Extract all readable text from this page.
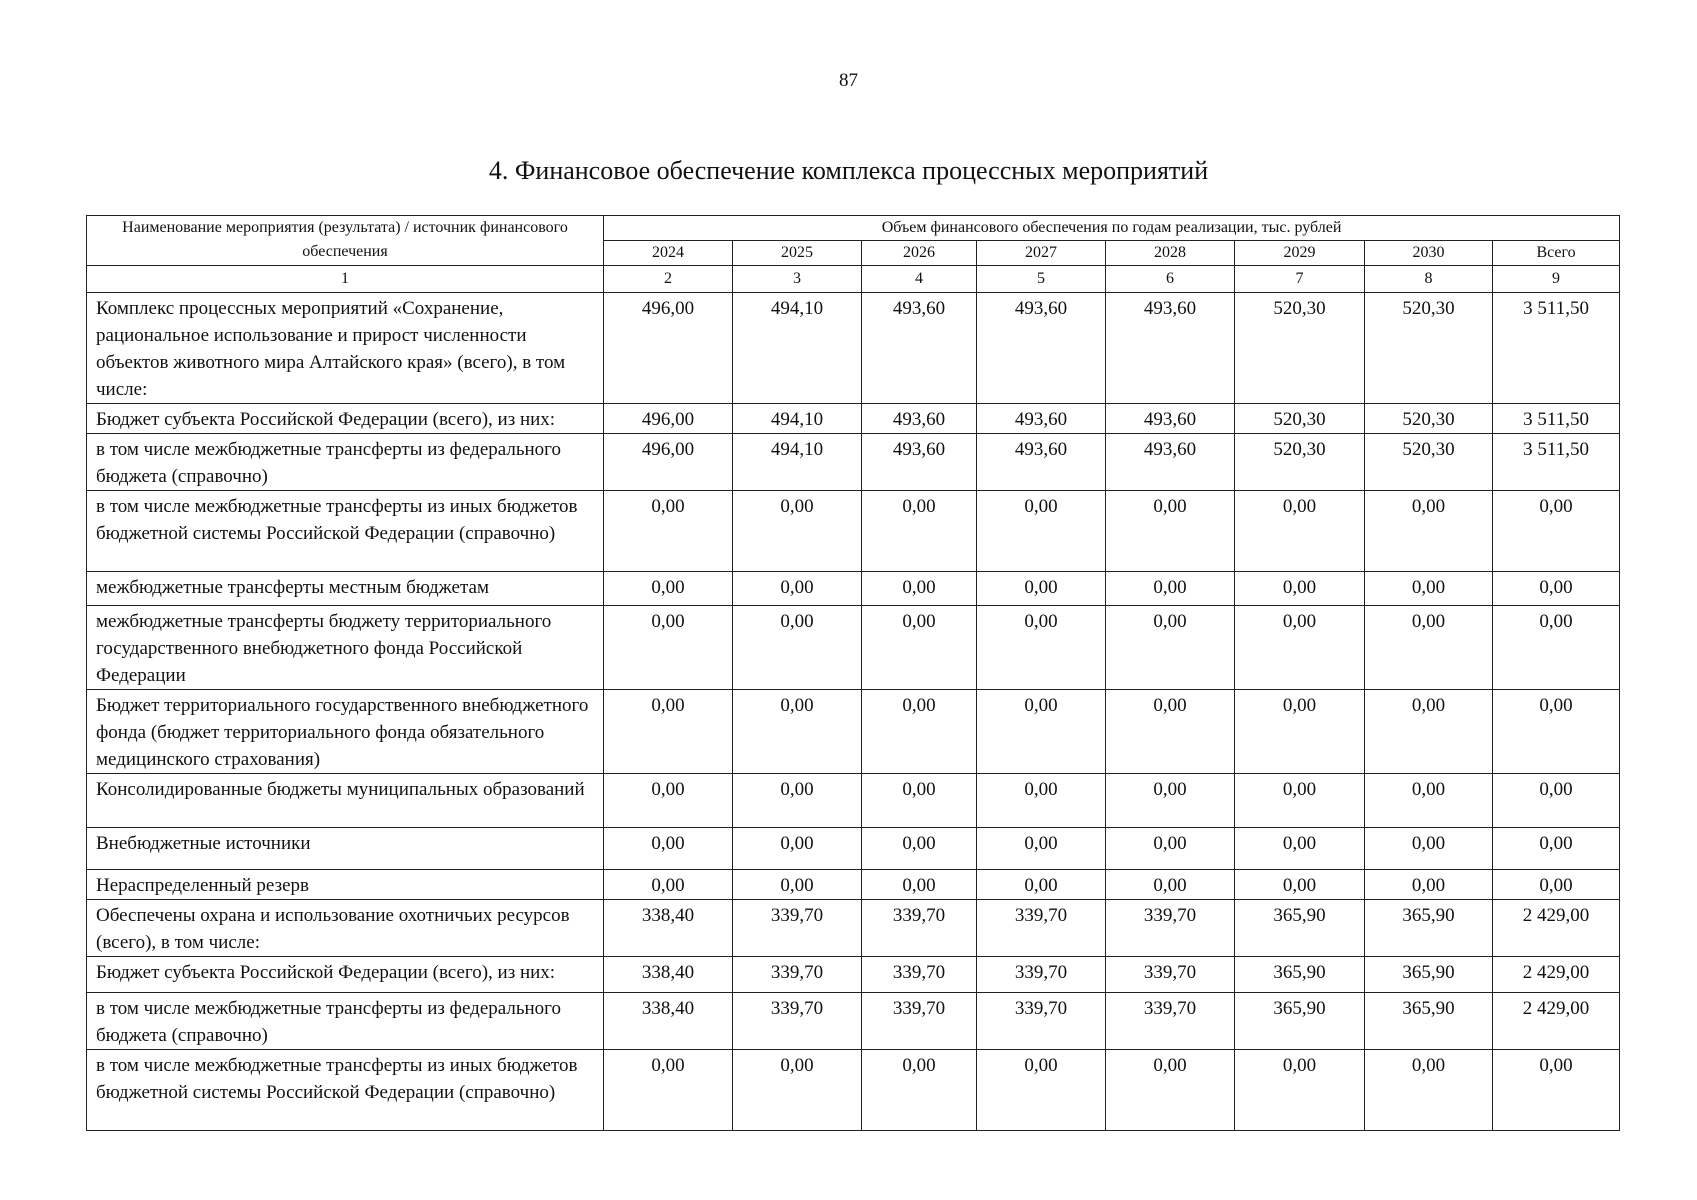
87
4. Финансовое обеспечение комплекса процессных мероприятий
Наименование мероприятия (результата) / источник финансового обеспечения	Объем финансового обеспечения по годам реализации, тыс. рублей							
	2024	2025	2026	2027	2028	2029	2030	Всего
1	2	3	4	5	6	7	8	9
Комплекс процессных мероприятий «Сохранение, рациональное использование и прирост численности объектов животного мира Алтайского края» (всего), в том числе:	496,00	494,10	493,60	493,60	493,60	520,30	520,30	3 511,50
Бюджет субъекта Российской Федерации (всего), из них:	496,00	494,10	493,60	493,60	493,60	520,30	520,30	3 511,50
в том числе межбюджетные трансферты из федерального бюджета (справочно)	496,00	494,10	493,60	493,60	493,60	520,30	520,30	3 511,50
в том числе межбюджетные трансферты из иных бюджетов бюджетной системы Российской Федерации (справочно)	0,00	0,00	0,00	0,00	0,00	0,00	0,00	0,00
межбюджетные трансферты местным бюджетам	0,00	0,00	0,00	0,00	0,00	0,00	0,00	0,00
межбюджетные трансферты бюджету территориального государственного внебюджетного фонда Российской Федерации	0,00	0,00	0,00	0,00	0,00	0,00	0,00	0,00
Бюджет территориального государственного внебюджетного фонда (бюджет территориального фонда обязательного медицинского страхования)	0,00	0,00	0,00	0,00	0,00	0,00	0,00	0,00
Консолидированные бюджеты муниципальных образований	0,00	0,00	0,00	0,00	0,00	0,00	0,00	0,00
Внебюджетные источники	0,00	0,00	0,00	0,00	0,00	0,00	0,00	0,00
Нераспределенный резерв	0,00	0,00	0,00	0,00	0,00	0,00	0,00	0,00
Обеспечены охрана и использование охотничьих ресурсов (всего), в том числе:	338,40	339,70	339,70	339,70	339,70	365,90	365,90	2 429,00
Бюджет субъекта Российской Федерации (всего), из них:	338,40	339,70	339,70	339,70	339,70	365,90	365,90	2 429,00
в том числе межбюджетные трансферты из федерального бюджета (справочно)	338,40	339,70	339,70	339,70	339,70	365,90	365,90	2 429,00
в том числе межбюджетные трансферты из иных бюджетов бюджетной системы Российской Федерации (справочно)	0,00	0,00	0,00	0,00	0,00	0,00	0,00	0,00
